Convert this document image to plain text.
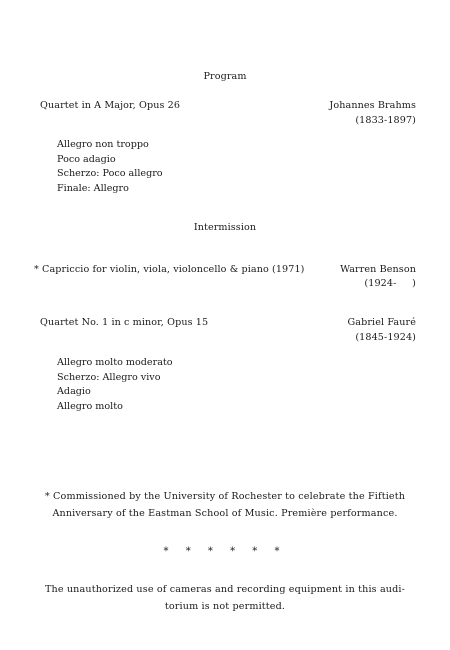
Program
Quartet in A Major, Opus 26	Johannes Brahms
(1833-1897)
Allegro non troppo
Poco adagio
Scherzo: Poco allegro
Finale: Allegro
Intermission
* Capriccio for violin, viola, violoncello & piano (1971)	Warren Benson
(1924-     )
Quartet No. 1 in c minor, Opus 15	Gabriel Fauré
(1845-1924)
Allegro molto moderato
Scherzo: Allegro vivo
Adagio
Allegro molto
* Commissioned by the University of Rochester to celebrate the Fiftieth
Anniversary of the Eastman School of Music. Première performance.
* * * * * *
The unauthorized use of cameras and recording equipment in this audi-
torium is not permitted.
